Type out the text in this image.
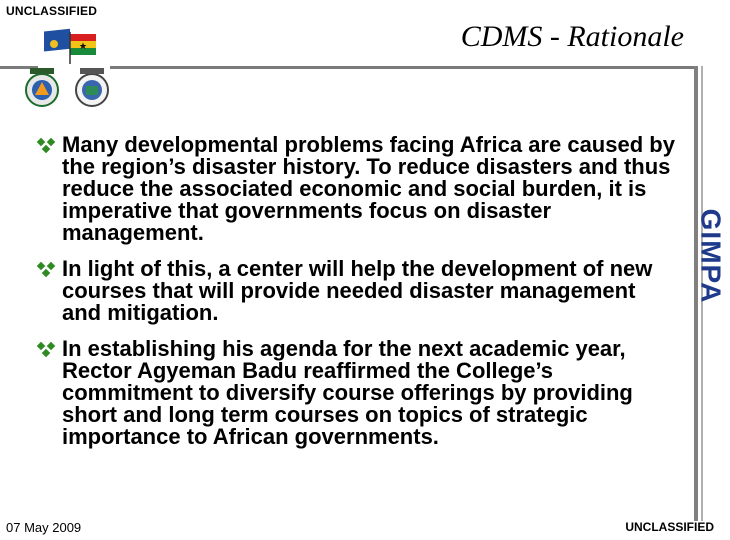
UNCLASSIFIED
CDMS - Rationale
GIMPA
Many developmental problems facing Africa are caused by the region’s disaster history. To reduce disasters and thus reduce the associated economic and social burden, it is imperative that governments focus on disaster management.
In light of this, a center will help the development of new courses that will provide needed disaster management and mitigation.
In establishing his agenda for the next academic year, Rector Agyeman Badu reaffirmed the College’s commitment to diversify course offerings by providing short and long term courses on topics of strategic importance to African governments.
07 May 2009	UNCLASSIFIED
